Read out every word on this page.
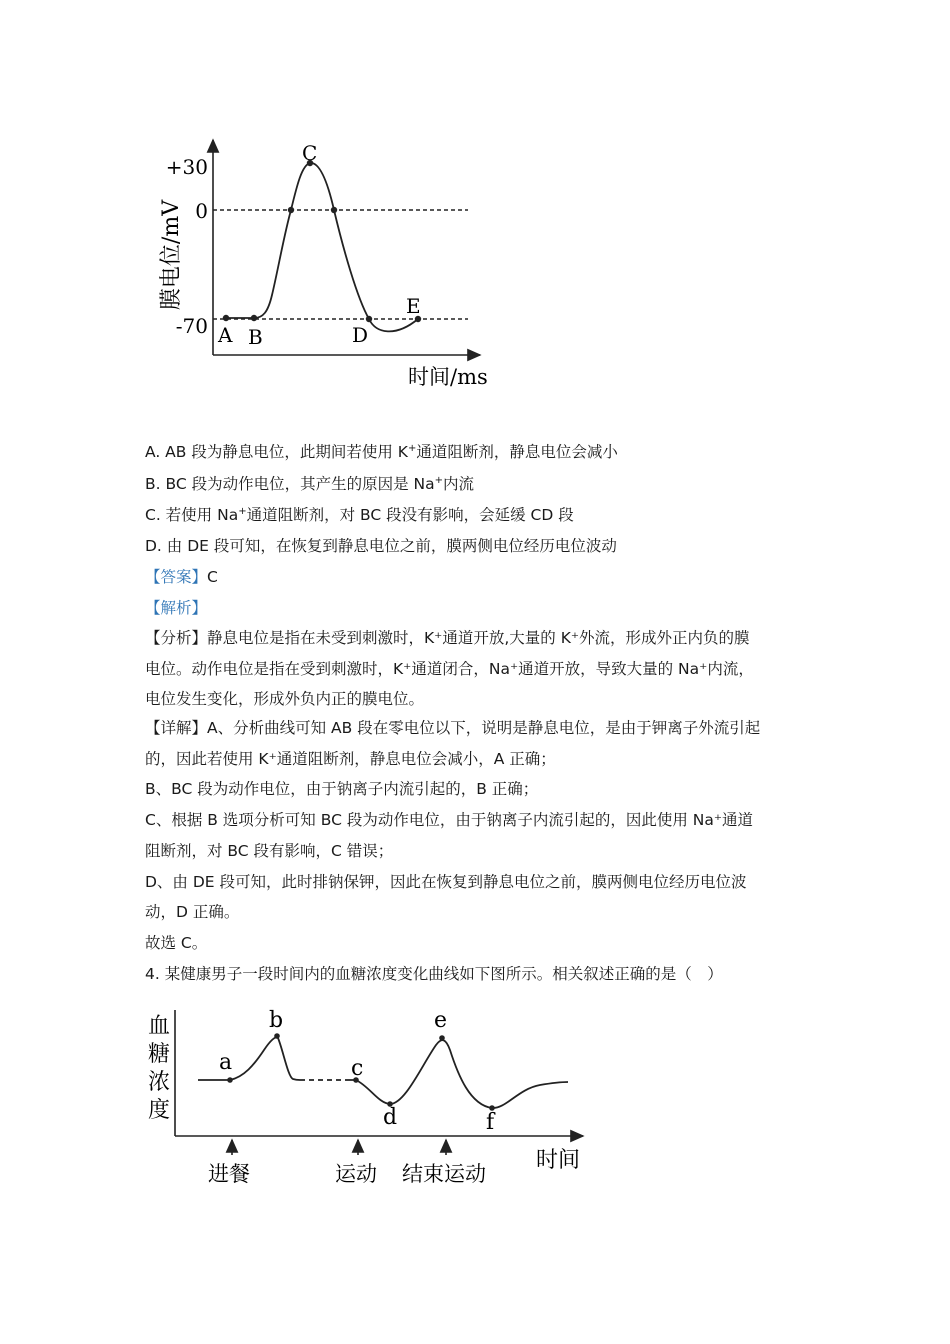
+30
0
-70 A B
C
D
E
膜电位/mV
时间/ms
A. AB 段为静息电位，此期间若使用 K+通道阻断剂，静息电位会减小
B. BC 段为动作电位，其产生的原因是 Na+内流
C. 若使用 Na+通道阻断剂，对 BC 段没有影响，会延缓 CD 段
D. 由 DE 段可知，在恢复到静息电位之前，膜两侧电位经历电位波动
【答案】C
【解析】
【分析】静息电位是指在未受到刺激时，K⁺通道开放,大量的 K⁺外流，形成外正内负的膜
电位。动作电位是指在受到刺激时，K⁺通道闭合，Na⁺通道开放，导致大量的 Na⁺内流，
电位发生变化，形成外负内正的膜电位。
【详解】A、分析曲线可知 AB 段在零电位以下，说明是静息电位，是由于钾离子外流引起
的，因此若使用 K⁺通道阻断剂，静息电位会减小，A 正确；
B、BC 段为动作电位，由于钠离子内流引起的，B 正确；
C、根据 B 选项分析可知 BC 段为动作电位，由于钠离子内流引起的，因此使用 Na⁺通道
阻断剂，对 BC 段有影响，C 错误；
D、由 DE 段可知，此时排钠保钾，因此在恢复到静息电位之前，膜两侧电位经历电位波
动，D 正确。
故选 C。
4. 某健康男子一段时间内的血糖浓度变化曲线如下图所示。相关叙述正确的是（　）
血
糖
浓
度
时间
a
b
c
d
e
f
进餐	运动 结束运动
